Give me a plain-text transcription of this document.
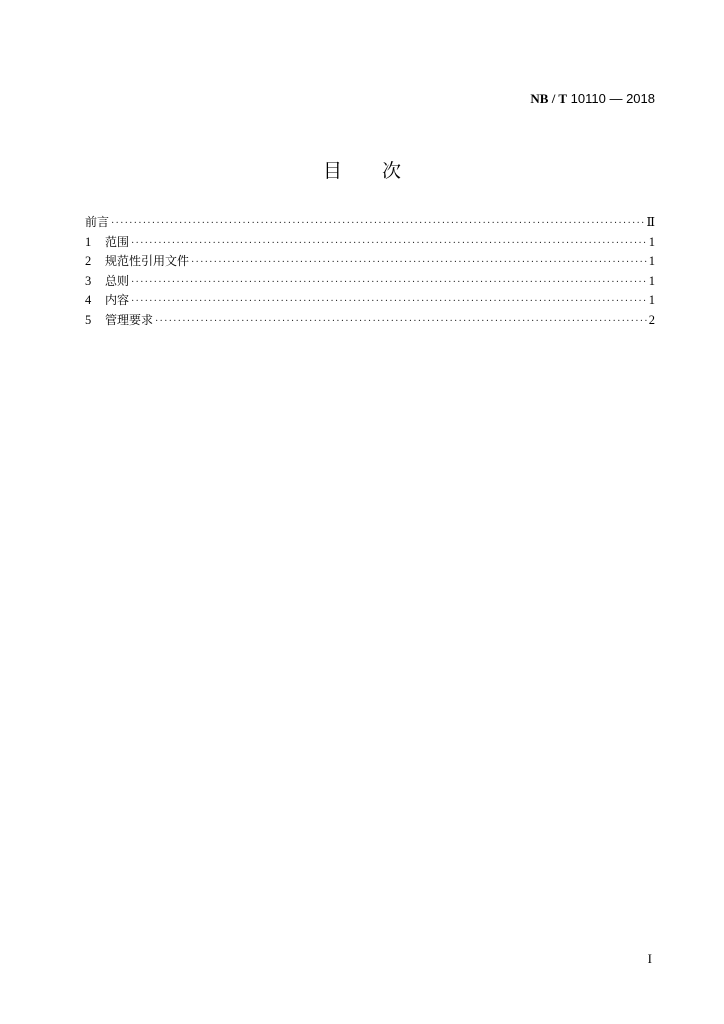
NB / T 10110 — 2018
目 次
前言 ·····	Ⅱ
1	范围 ·····	1
2	规范性引用文件 ·····	1
3	总则 ·····	1
4	内容 ·····	1
5	管理要求 ·····	2
I
